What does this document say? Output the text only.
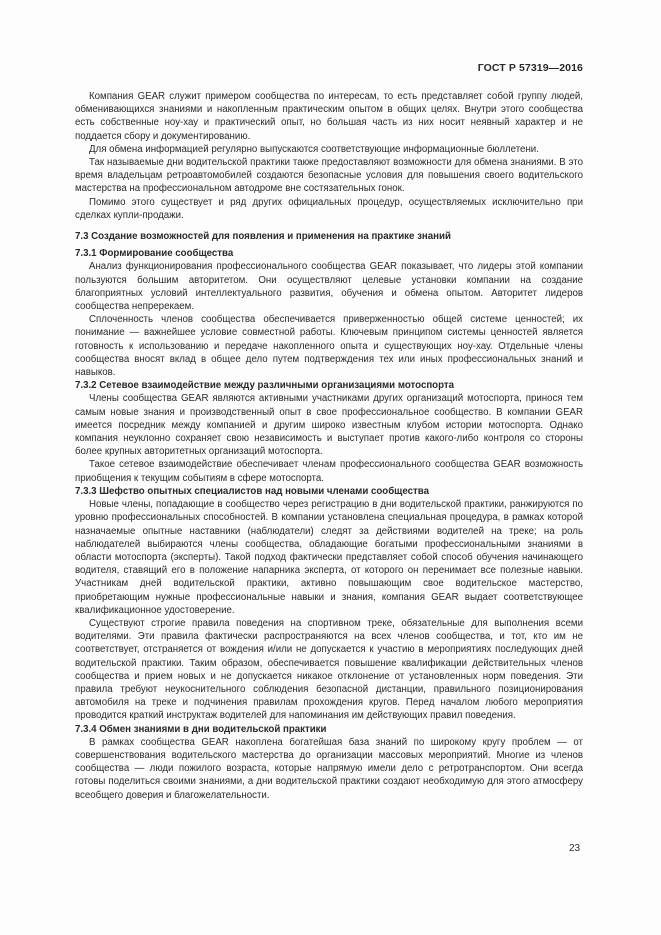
ГОСТ Р 57319—2016

Компания GEAR служит примером сообщества по интересам, то есть представляет собой группу людей, обменивающихся знаниями и накопленным практическим опытом в общих целях. Внутри этого сообщества есть собственные ноу-хау и практический опыт, но большая часть из них носит неявный характер и не поддается сбору и документированию.

Для обмена информацией регулярно выпускаются соответствующие информационные бюллетени.

Так называемые дни водительской практики также предоставляют возможности для обмена знаниями. В это время владельцам ретроавтомобилей создаются безопасные условия для повышения своего водительского мастерства на профессиональном автодроме вне состязательных гонок.

Помимо этого существует и ряд других официальных процедур, осуществляемых исключительно при сделках купли-продажи.

7.3 Создание возможностей для появления и применения на практике знаний

7.3.1 Формирование сообщества

Анализ функционирования профессионального сообщества GEAR показывает, что лидеры этой компании пользуются большим авторитетом. Они осуществляют целевые установки компании на создание благоприятных условий интеллектуального развития, обучения и обмена опытом. Авторитет лидеров сообщества непререкаем.

Сплоченность членов сообщества обеспечивается приверженностью общей системе ценностей; их понимание — важнейшее условие совместной работы. Ключевым принципом системы ценностей является готовность к использованию и передаче накопленного опыта и существующих ноу-хау. Отдельные члены сообщества вносят вклад в общее дело путем подтверждения тех или иных профессиональных знаний и навыков.

7.3.2 Сетевое взаимодействие между различными организациями мотоспорта

Члены сообщества GEAR являются активными участниками других организаций мотоспорта, принося тем самым новые знания и производственный опыт в свое профессиональное сообщество. В компании GEAR имеется посредник между компанией и другим широко известным клубом истории мотоспорта. Однако компания неуклонно сохраняет свою независимость и выступает против какого-либо контроля со стороны более крупных авторитетных организаций мотоспорта.

Такое сетевое взаимодействие обеспечивает членам профессионального сообщества GEAR возможность приобщения к текущим событиям в сфере мотоспорта.

7.3.3 Шефство опытных специалистов над новыми членами сообщества

Новые члены, попадающие в сообщество через регистрацию в дни водительской практики, ранжируются по уровню профессиональных способностей. В компании установлена специальная процедура, в рамках которой назначаемые опытные наставники (наблюдатели) следят за действиями водителей на треке; на роль наблюдателей выбираются члены сообщества, обладающие богатыми профессиональными знаниями в области мотоспорта (эксперты). Такой подход фактически представляет собой способ обучения начинающего водителя, ставящий его в положение напарника эксперта, от которого он перенимает все полезные навыки. Участникам дней водительской практики, активно повышающим свое водительское мастерство, приобретающим нужные профессиональные навыки и знания, компания GEAR выдает соответствующее квалификационное удостоверение.

Существуют строгие правила поведения на спортивном треке, обязательные для выполнения всеми водителями. Эти правила фактически распространяются на всех членов сообщества, и тот, кто им не соответствует, отстраняется от вождения и/или не допускается к участию в мероприятиях последующих дней водительской практики. Таким образом, обеспечивается повышение квалификации действительных членов сообщества и прием новых и не допускается никакое отклонение от установленных норм поведения. Эти правила требуют неукоснительного соблюдения безопасной дистанции, правильного позиционирования автомобиля на треке и подчинения правилам прохождения кругов. Перед началом любого мероприятия проводится краткий инструктаж водителей для напоминания им действующих правил поведения.

7.3.4 Обмен знаниями в дни водительской практики

В рамках сообщества GEAR накоплена богатейшая база знаний по широкому кругу проблем — от совершенствования водительского мастерства до организации массовых мероприятий. Многие из членов сообщества — люди пожилого возраста, которые напрямую имели дело с ретротранспортом. Они всегда готовы поделиться своими знаниями, а дни водительской практики создают необходимую для этого атмосферу всеобщего доверия и благожелательности.

23
